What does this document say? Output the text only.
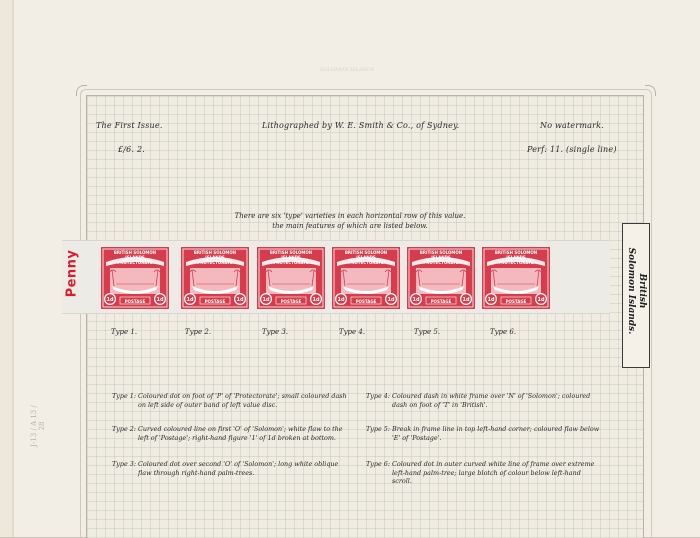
SOLOMON ISLANDS
The First Issue.	Lithographed by W. E. Smith & Co., of Sydney.	No watermark.
£/6. 2.	Perf: 11. (single line)
There are six 'type' varieties in each horizontal row of this value.
the main features of which are listed below.
Penny
1d	1d
BRITISH SOLOMON ISLANDS
PROTECTORATE
POSTAGE	1d	1d
BRITISH SOLOMON ISLANDS
PROTECTORATE
POSTAGE	1d	1d
BRITISH SOLOMON ISLANDS
PROTECTORATE
POSTAGE	1d	1d
BRITISH SOLOMON ISLANDS
PROTECTORATE
POSTAGE	1d	1d
BRITISH SOLOMON ISLANDS
PROTECTORATE
POSTAGE	1d	1d
BRITISH SOLOMON ISLANDS
PROTECTORATE
POSTAGE
Type 1.	Type 2.	Type 3.	Type 4.	Type 5.	Type 6.
British
Solomon Islands.
Type 1: Coloured dot on foot of 'P' of 'Protectorate'; small coloured dash on left side of outer band of left value disc.
Type 2: Curved coloured line on first 'O' of 'Solomon'; white flaw to the left of 'Postage'; right-hand figure '1' of 1d broken at bottom.
Type 3: Coloured dot over second 'O' of 'Solomon'; long white oblique flaw through right-hand palm-trees.
Type 4: Coloured dash in white frame over 'N' of 'Solomon'; coloured dash on foot of 'T' in 'British'.
Type 5: Break in frame line in top left-hand corner; coloured flaw below 'E' of 'Postage'.
Type 6: Coloured dot in outer curved white line of frame over extreme left-hand palm-tree; large blotch of colour below left-hand scroll.
J-13 / A 13 / 28
